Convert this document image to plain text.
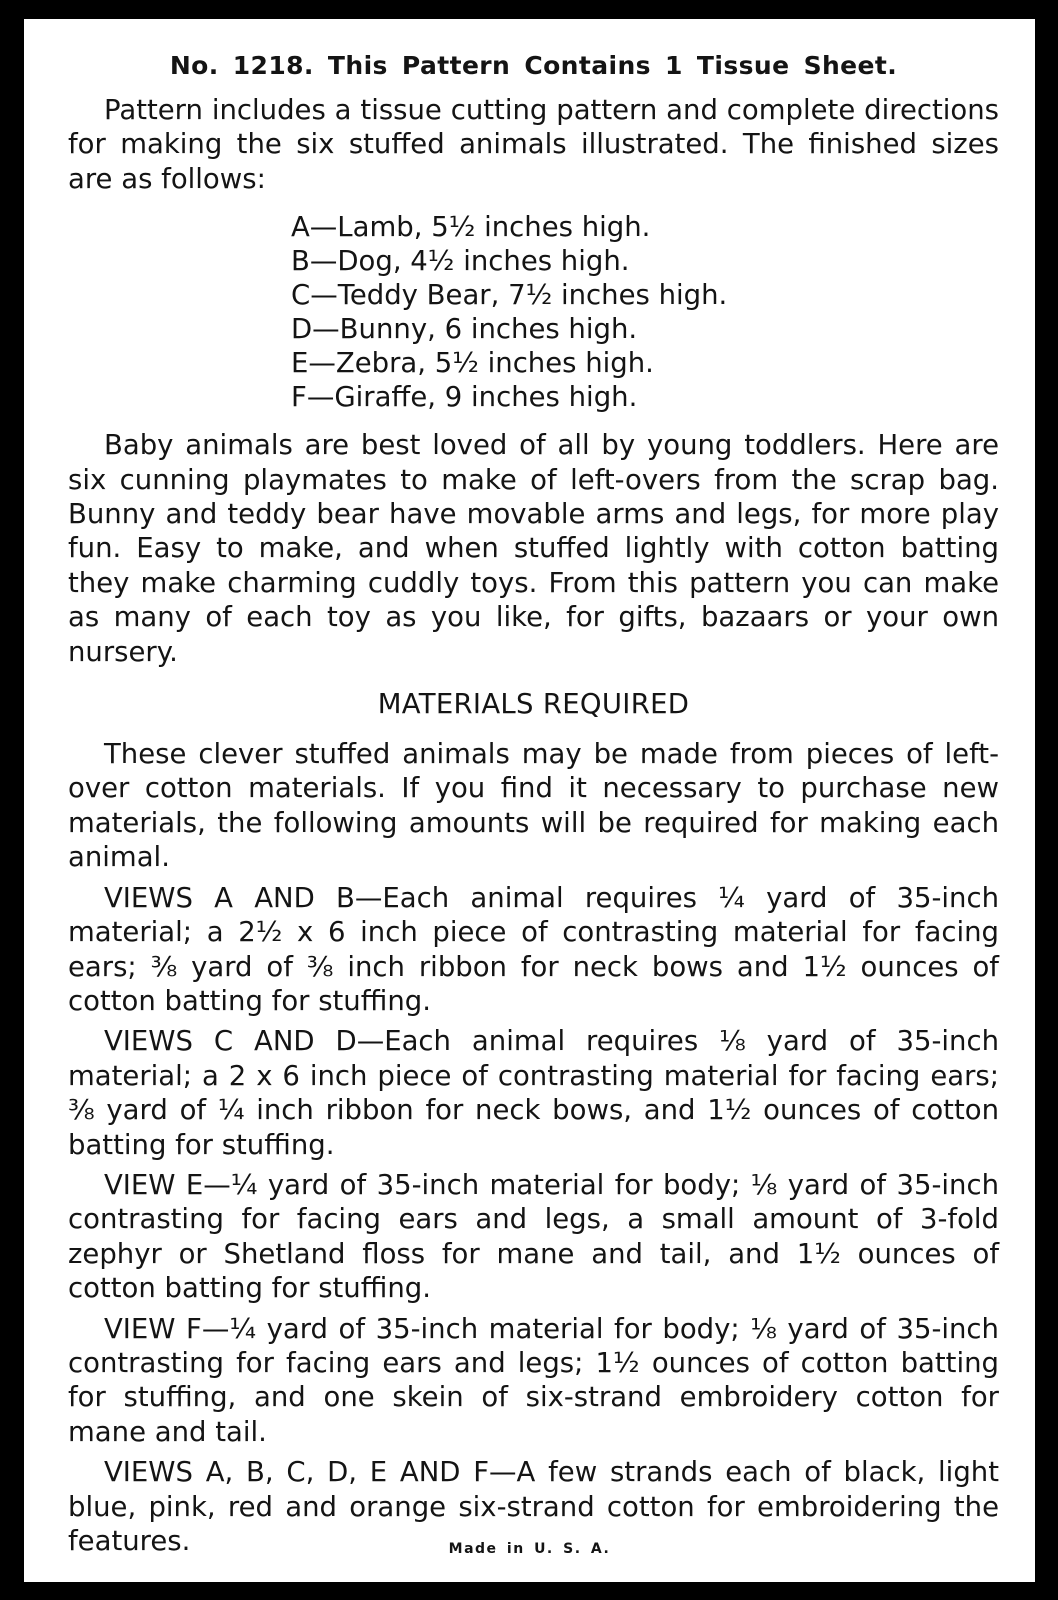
No. 1218. This Pattern Contains 1 Tissue Sheet.

Pattern includes a tissue cutting pattern and complete directions for making the six stuffed animals illustrated. The finished sizes are as follows:

A—Lamb, 5½ inches high.
B—Dog, 4½ inches high.
C—Teddy Bear, 7½ inches high.
D—Bunny, 6 inches high.
E—Zebra, 5½ inches high.
F—Giraffe, 9 inches high.

Baby animals are best loved of all by young toddlers. Here are six cunning playmates to make of left-overs from the scrap bag. Bunny and teddy bear have movable arms and legs, for more play fun. Easy to make, and when stuffed lightly with cotton batting they make charming cuddly toys. From this pattern you can make as many of each toy as you like, for gifts, bazaars or your own nursery.

MATERIALS REQUIRED

These clever stuffed animals may be made from pieces of left-over cotton materials. If you find it necessary to purchase new materials, the following amounts will be required for making each animal.

VIEWS A AND B—Each animal requires ¼ yard of 35-inch material; a 2½ x 6 inch piece of contrasting material for facing ears; ⅜ yard of ⅜ inch ribbon for neck bows and 1½ ounces of cotton batting for stuffing.

VIEWS C AND D—Each animal requires ⅛ yard of 35-inch material; a 2 x 6 inch piece of contrasting material for facing ears; ⅜ yard of ¼ inch ribbon for neck bows, and 1½ ounces of cotton batting for stuffing.

VIEW E—¼ yard of 35-inch material for body; ⅛ yard of 35-inch contrasting for facing ears and legs, a small amount of 3-fold zephyr or Shetland floss for mane and tail, and 1½ ounces of cotton batting for stuffing.

VIEW F—¼ yard of 35-inch material for body; ⅛ yard of 35-inch contrasting for facing ears and legs; 1½ ounces of cotton batting for stuffing, and one skein of six-strand embroidery cotton for mane and tail.

VIEWS A, B, C, D, E AND F—A few strands each of black, light blue, pink, red and orange six-strand cotton for embroidering the features.	Made in U. S. A.
